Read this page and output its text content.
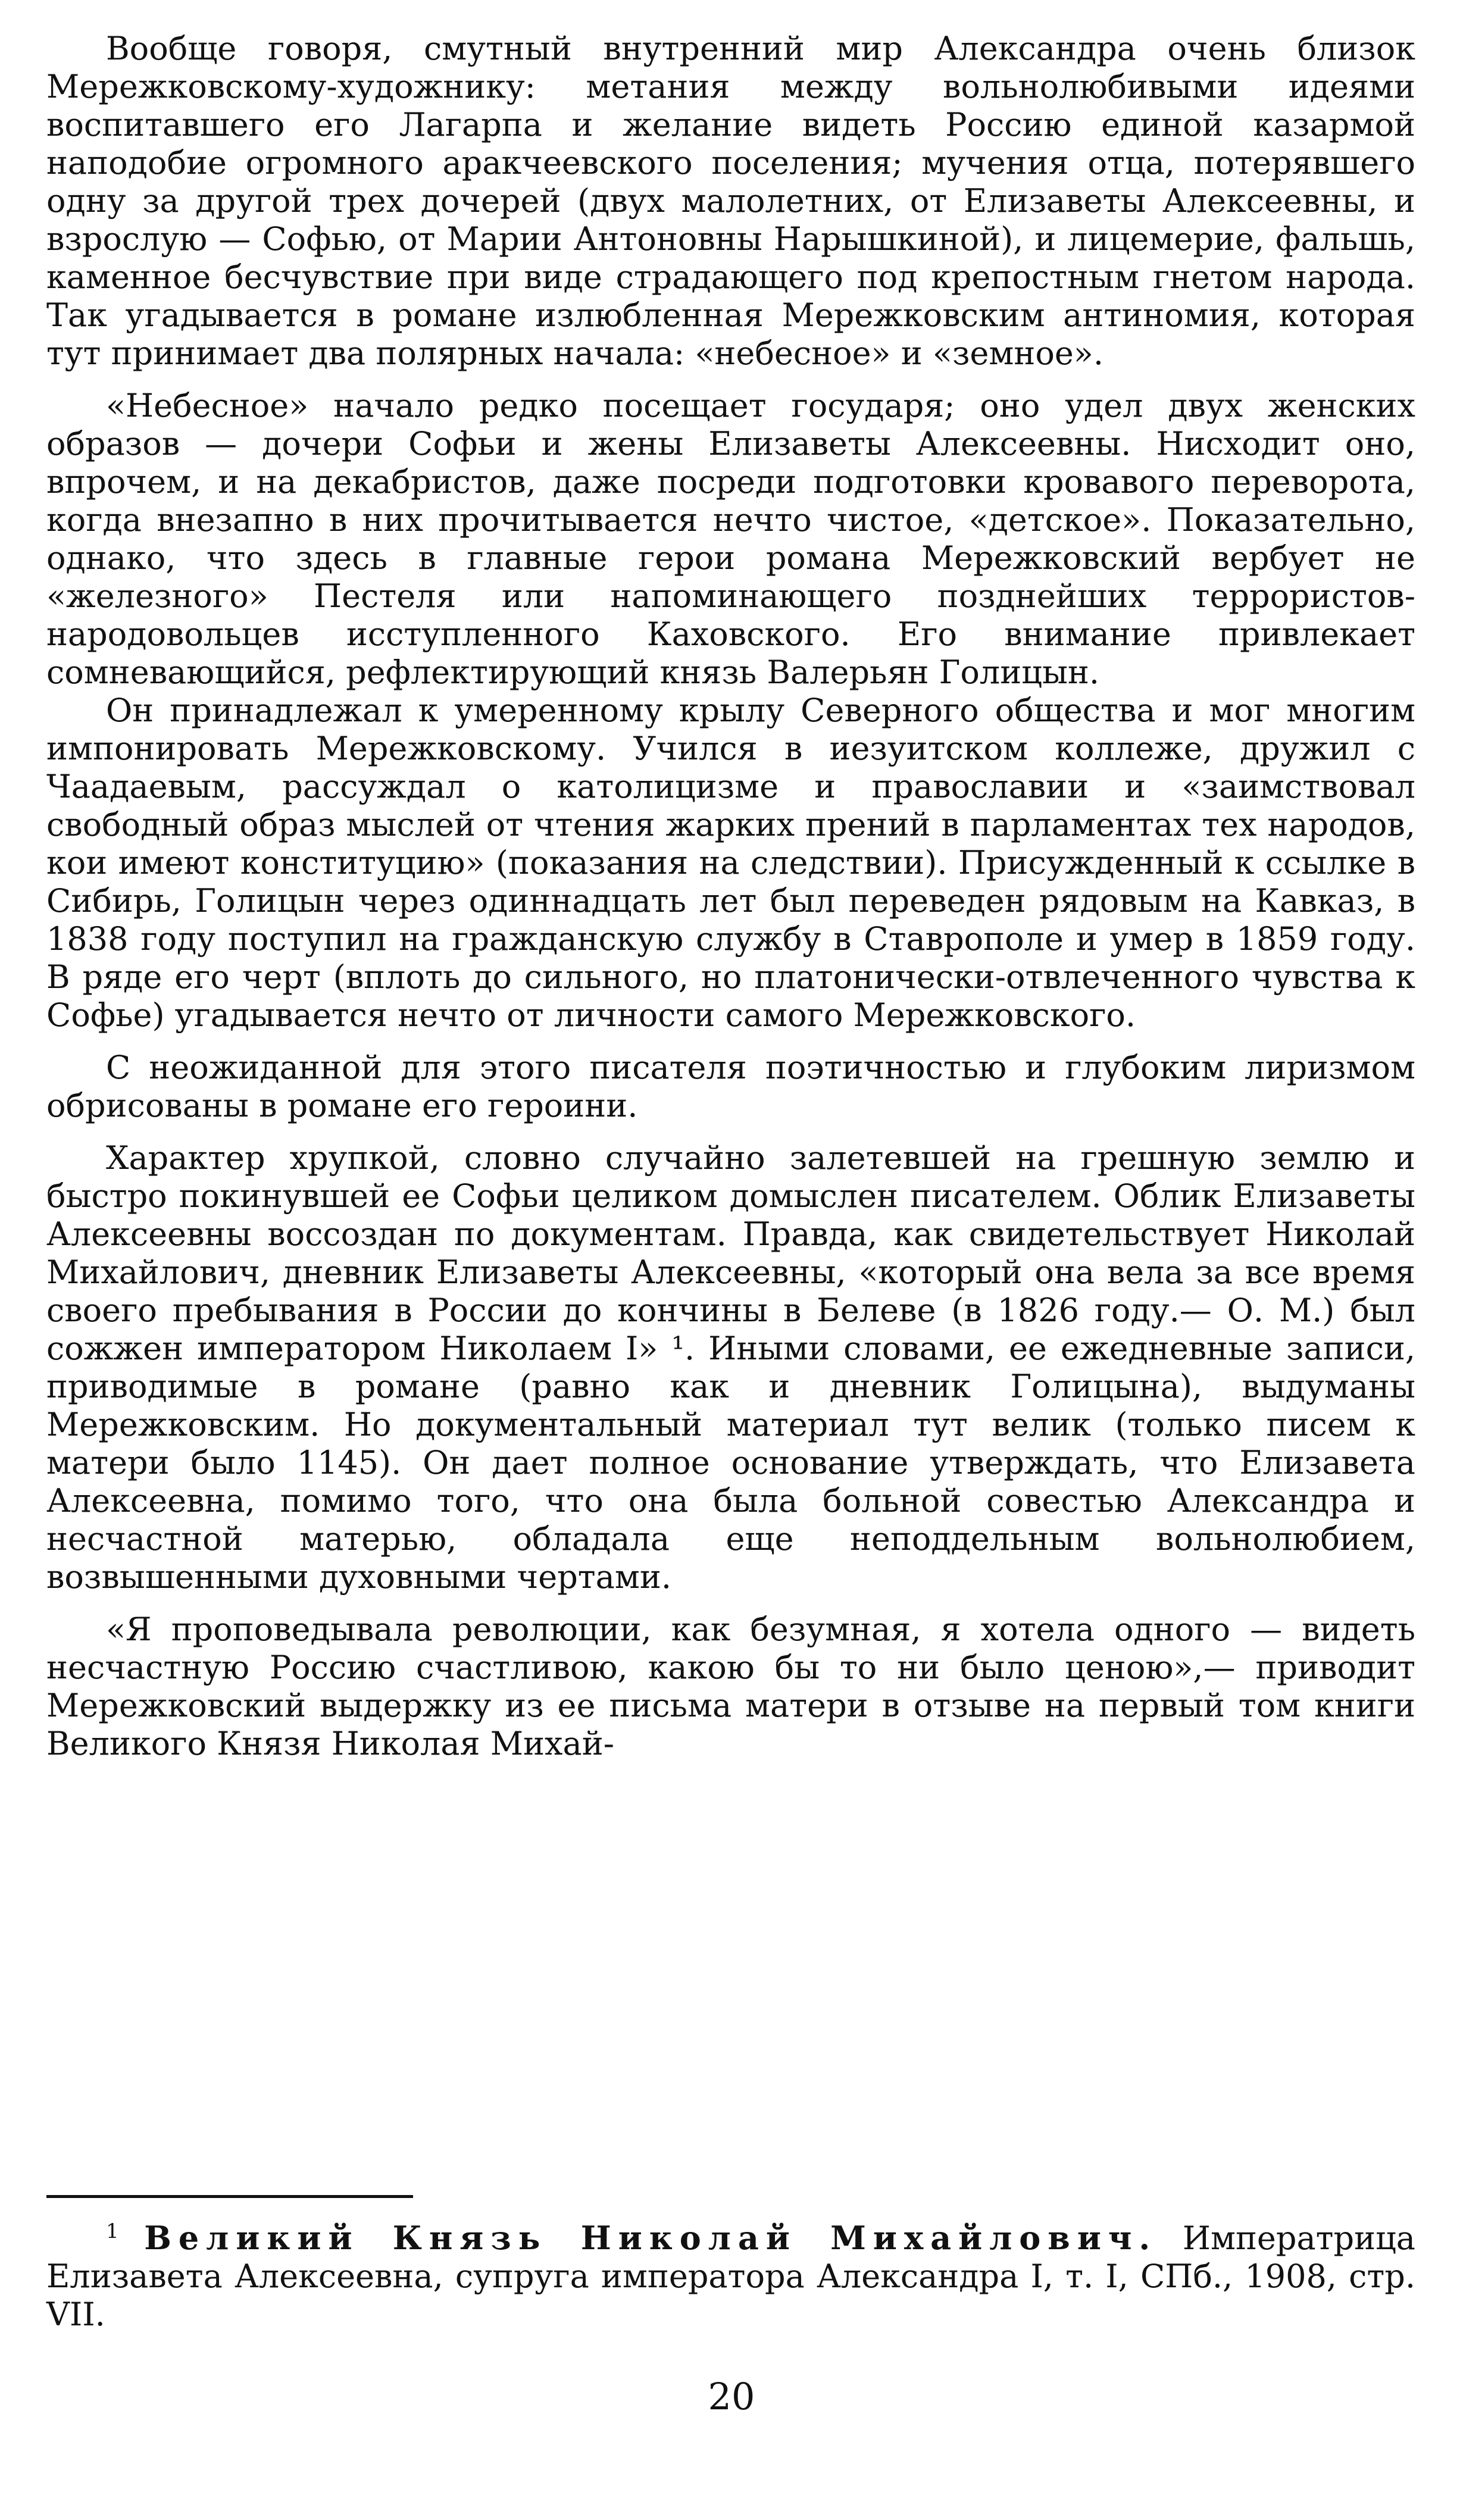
Вообще говоря, смутный внутренний мир Александра очень близок Мережковскому-художнику: метания между вольнолюбивыми идеями воспитавшего его Лагарпа и желание видеть Россию единой казармой наподобие огромного аракчеевского поселения; мучения отца, потерявшего одну за другой трех дочерей (двух малолетних, от Елизаветы Алексеевны, и взрослую — Софью, от Марии Антоновны Нарышкиной), и лицемерие, фальшь, каменное бесчувствие при виде страдающего под крепостным гнетом народа. Так угадывается в романе излюбленная Мережковским антиномия, которая тут принимает два полярных начала: «небесное» и «земное».

«Небесное» начало редко посещает государя; оно удел двух женских образов — дочери Софьи и жены Елизаветы Алексеевны. Нисходит оно, впрочем, и на декабристов, даже посреди подготовки кровавого переворота, когда внезапно в них прочитывается нечто чистое, «детское». Показательно, однако, что здесь в главные герои романа Мережковский вербует не «железного» Пестеля или напоминающего позднейших террористов-народовольцев исступленного Каховского. Его внимание привлекает сомневающийся, рефлектирующий князь Валерьян Голицын.

Он принадлежал к умеренному крылу Северного общества и мог многим импонировать Мережковскому. Учился в иезуитском коллеже, дружил с Чаадаевым, рассуждал о католицизме и православии и «заимствовал свободный образ мыслей от чтения жарких прений в парламентах тех народов, кои имеют конституцию» (показания на следствии). Присужденный к ссылке в Сибирь, Голицын через одиннадцать лет был переведен рядовым на Кавказ, в 1838 году поступил на гражданскую службу в Ставрополе и умер в 1859 году. В ряде его черт (вплоть до сильного, но платонически-отвлеченного чувства к Софье) угадывается нечто от личности самого Мережковского.

С неожиданной для этого писателя поэтичностью и глубоким лиризмом обрисованы в романе его героини.

Характер хрупкой, словно случайно залетевшей на грешную землю и быстро покинувшей ее Софьи целиком домыслен писателем. Облик Елизаветы Алексеевны воссоздан по документам. Правда, как свидетельствует Николай Михайлович, дневник Елизаветы Алексеевны, «который она вела за все время своего пребывания в России до кончины в Белеве (в 1826 году.— О. М.) был сожжен императором Николаем I» ¹. Иными словами, ее ежедневные записи, приводимые в романе (равно как и дневник Голицына), выдуманы Мережковским. Но документальный материал тут велик (только писем к матери было 1145). Он дает полное основание утверждать, что Елизавета Алексеевна, помимо того, что она была больной совестью Александра и несчастной матерью, обладала еще неподдельным вольнолюбием, возвышенными духовными чертами.

«Я проповедывала революции, как безумная, я хотела одного — видеть несчастную Россию счастливою, какою бы то ни было ценою»,— приводит Мережковский выдержку из ее письма матери в отзыве на первый том книги Великого Князя Николая Михай-

$^1$ Великий Князь Николай Михайлович. Императрица Елизавета Алексеевна, супруга императора Александра I, т. I, СПб., 1908, стр. VII.

20
